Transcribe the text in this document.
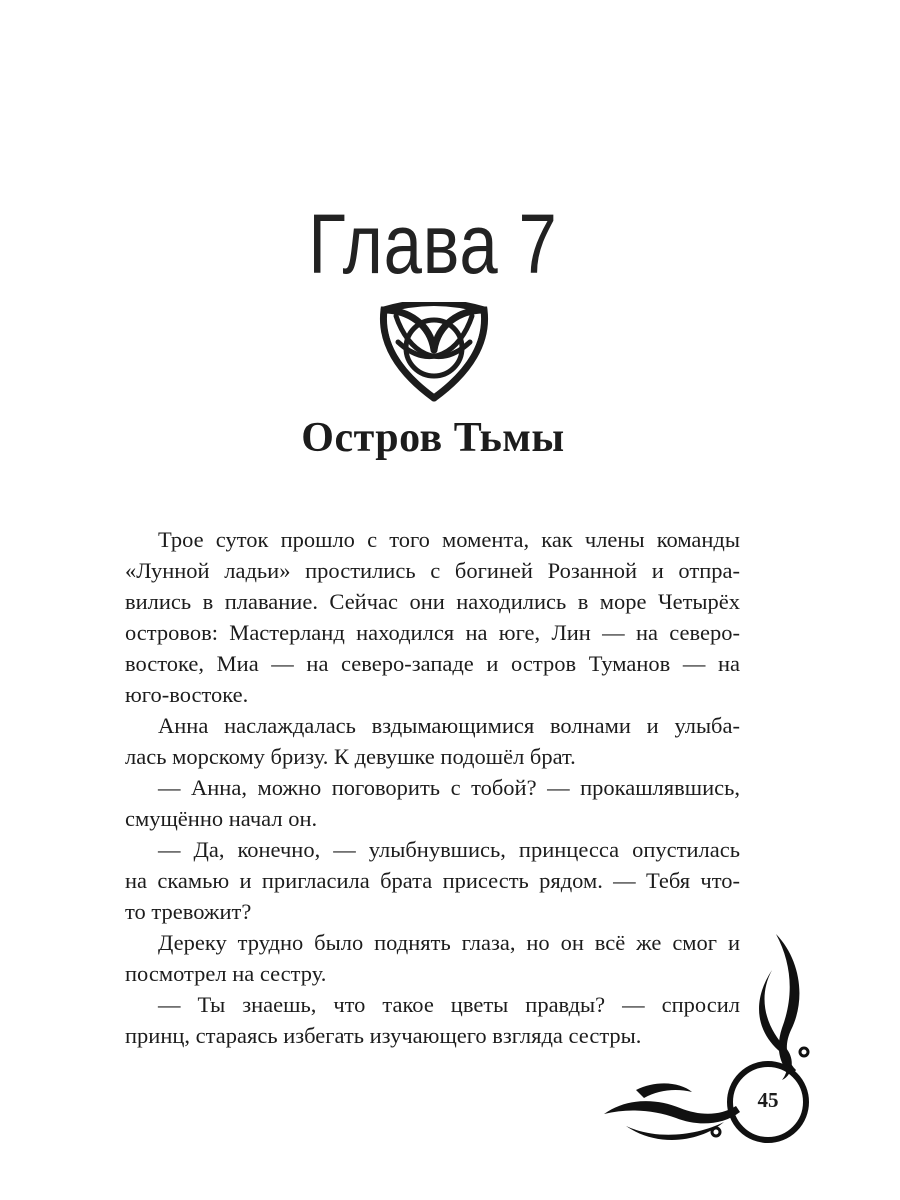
Глава 7
Остров Тьмы
Трое суток прошло с того момента, как члены команды
«Лунной ладьи» простились с богиней Розанной и отпра-
вились в плавание. Сейчас они находились в море Четырёх
островов: Мастерланд находился на юге, Лин — на северо-
востоке, Миа — на северо-западе и остров Туманов — на
юго-востоке.
Анна наслаждалась вздымающимися волнами и улыба-
лась морскому бризу. К девушке подошёл брат.
— Анна, можно поговорить с тобой? — прокашлявшись,
смущённо начал он.
— Да, конечно, — улыбнувшись, принцесса опустилась
на скамью и пригласила брата присесть рядом. — Тебя что-
то тревожит?
Дереку трудно было поднять глаза, но он всё же смог и
посмотрел на сестру.
— Ты знаешь, что такое цветы правды? — спросил
принц, стараясь избегать изучающего взгляда сестры.
45
